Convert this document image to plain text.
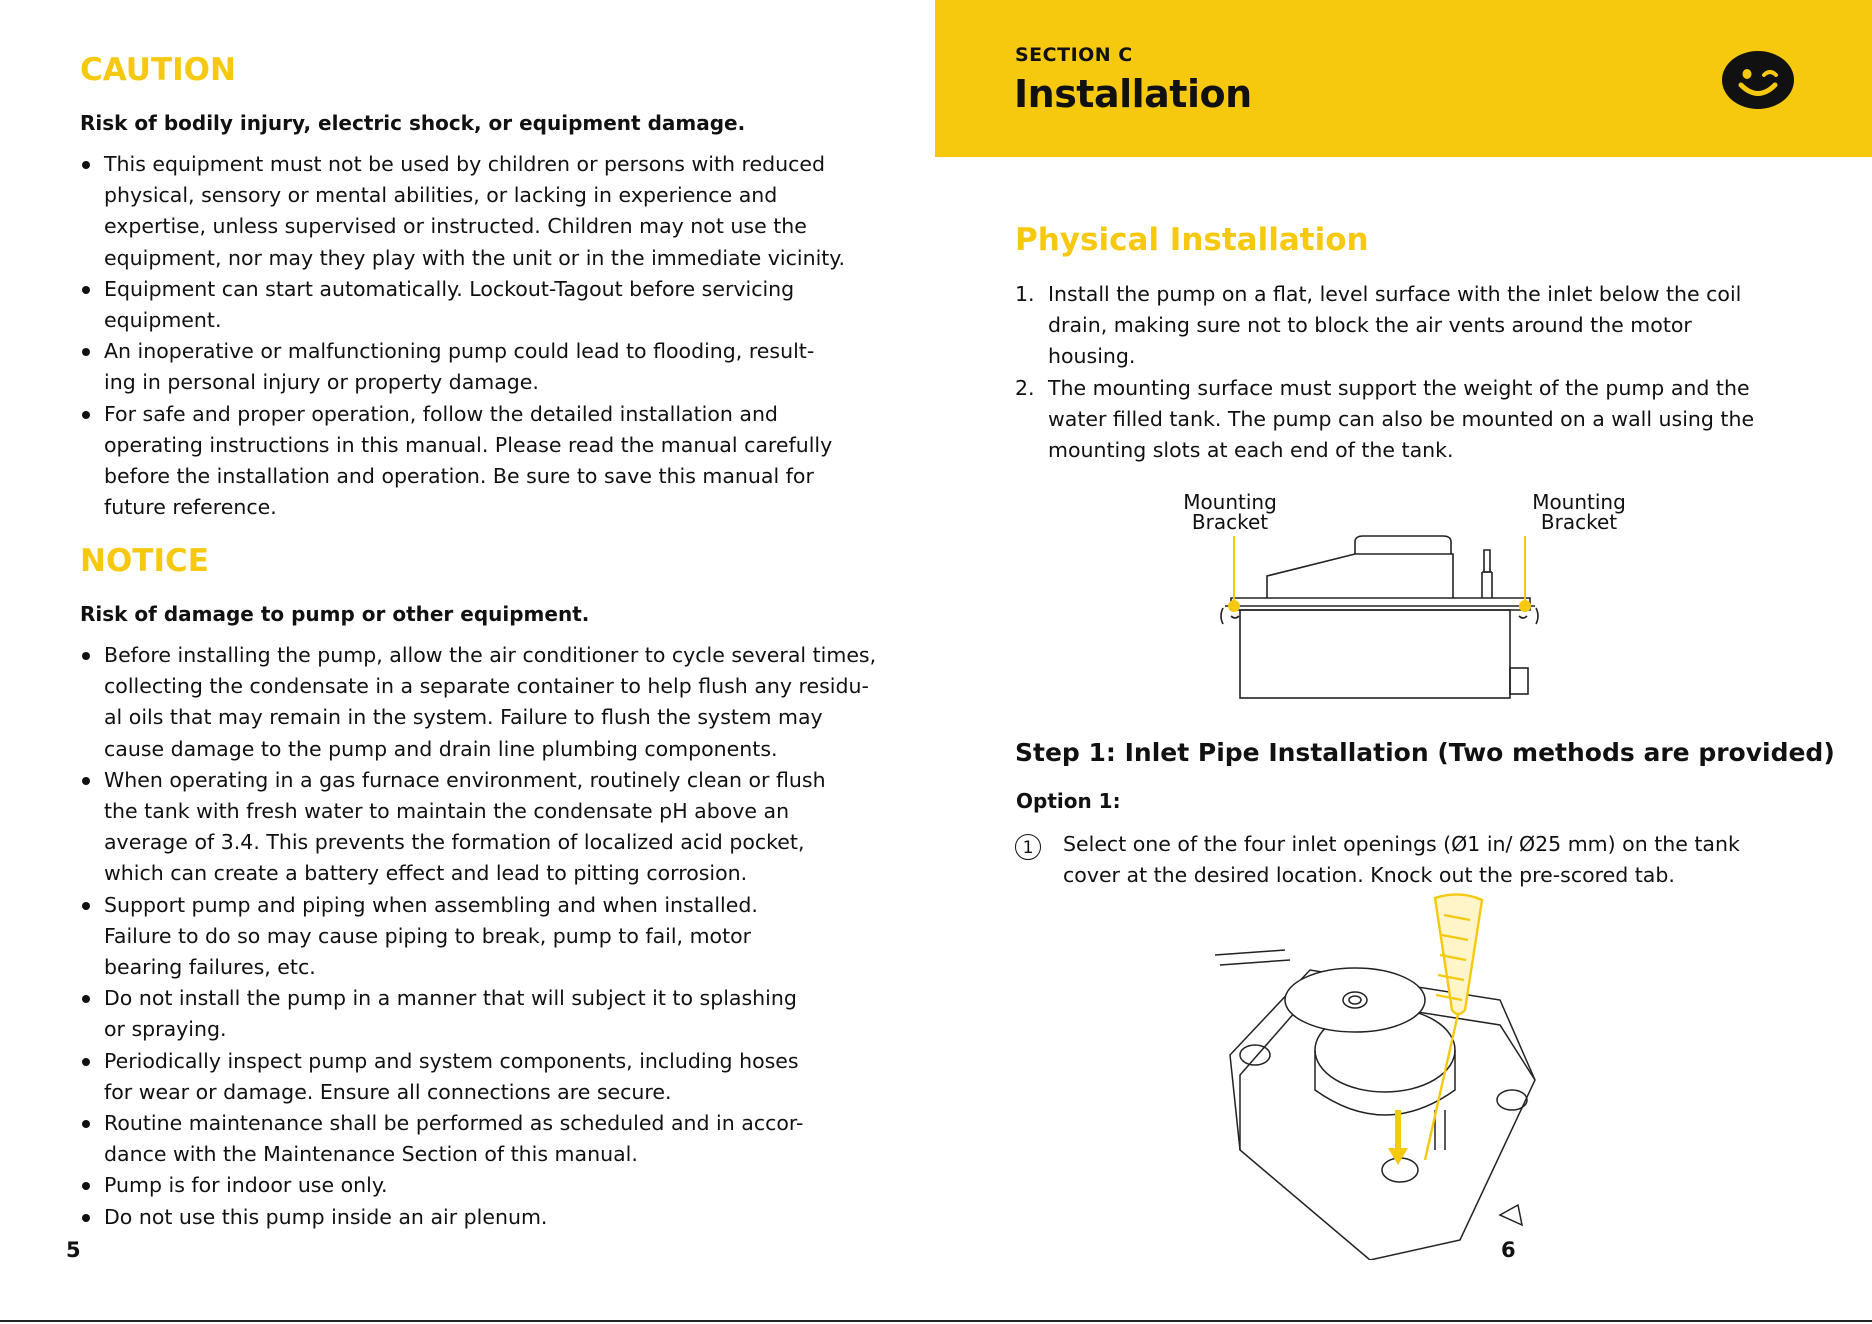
CAUTION

Risk of bodily injury, electric shock, or equipment damage.

This equipment must not be used by children or persons with reduced
physical, sensory or mental abilities, or lacking in experience and
expertise, unless supervised or instructed. Children may not use the
equipment, nor may they play with the unit or in the immediate vicinity.
Equipment can start automatically. Lockout-Tagout before servicing
equipment.
An inoperative or malfunctioning pump could lead to flooding, result-
ing in personal injury or property damage.
For safe and proper operation, follow the detailed installation and
operating instructions in this manual. Please read the manual carefully
before the installation and operation. Be sure to save this manual for
future reference.
NOTICE

Risk of damage to pump or other equipment.

Before installing the pump, allow the air conditioner to cycle several times,
collecting the condensate in a separate container to help flush any residu-
al oils that may remain in the system. Failure to flush the system may
cause damage to the pump and drain line plumbing components.
When operating in a gas furnace environment, routinely clean or flush
the tank with fresh water to maintain the condensate pH above an
average of 3.4. This prevents the formation of localized acid pocket,
which can create a battery effect and lead to pitting corrosion.
Support pump and piping when assembling and when installed.
Failure to do so may cause piping to break, pump to fail, motor
bearing failures, etc.
Do not install the pump in a manner that will subject it to splashing
or spraying.
Periodically inspect pump and system components, including hoses
for wear or damage. Ensure all connections are secure.
Routine maintenance shall be performed as scheduled and in accor-
dance with the Maintenance Section of this manual.
Pump is for indoor use only.
Do not use this pump inside an air plenum.
5
SECTION C
Installation
Physical Installation
1. Install the pump on a flat, level surface with the inlet below the coil
drain, making sure not to block the air vents around the motor
housing.
2. The mounting surface must support the weight of the pump and the
water filled tank. The pump can also be mounted on a wall using the
mounting slots at each end of the tank.
Mounting
Bracket
Mounting
Bracket
Step 1: Inlet Pipe Installation (Two methods are provided)
Option 1:
1	Select one of the four inlet openings (Ø1 in/ Ø25 mm) on the tank
cover at the desired location. Knock out the pre-scored tab.
6
